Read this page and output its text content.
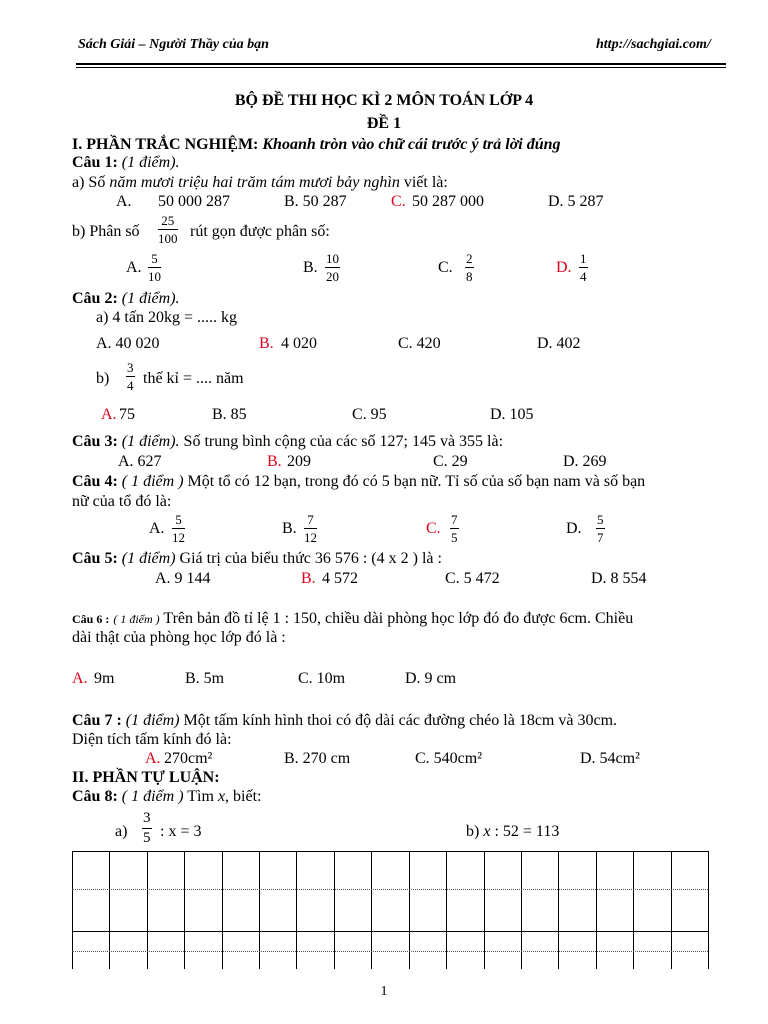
Sách Giải – Người Thầy của bạn	http://sachgiai.com/
BỘ ĐỀ THI HỌC KÌ 2 MÔN TOÁN LỚP 4
ĐỀ 1
I. PHẦN TRẮC NGHIỆM: Khoanh tròn vào chữ cái trước ý trả lời đúng
Câu 1: (1 điểm).
a) Số năm mươi triệu hai trăm tám mươi bảy nghìn viết là:
A. 50 000 287	B. 50 287	C. 50 287 000	D. 5 287
b) Phân số $\frac{25}{100}$ rút gọn được phân số:
A. $\frac{5}{10}$	B. $\frac{10}{20}$	C. $\frac{2}{8}$	D. $\frac{1}{4}$
Câu 2: (1 điểm).
a) 4 tấn 20kg = ..... kg
A. 40 020	B. 4 020	C. 420	D. 402
$b) \frac{3}{4}$ thế kỉ = .... năm
A. 75	B. 85	C. 95	D. 105
Câu 3: (1 điểm). Số trung bình cộng của các số 127; 145 và 355 là:
A. 627	B. 209	C. 29	D. 269
Câu 4: ( 1 điểm ) Một tổ có 12 bạn, trong đó có 5 bạn nữ. Tỉ số của số bạn nam và số bạn
nữ của tổ đó là:
A. $\frac{5}{12}$	B. $\frac{7}{12}$	C. $\frac{7}{5}$	D. $\frac{5}{7}$
Câu 5: (1 điểm) Giá trị của biểu thức 36 576 : (4 x 2 ) là :
A. 9 144	B. 4 572	C. 5 472	D. 8 554
Câu 6 : ( 1 điểm ) Trên bản đồ tỉ lệ 1 : 150, chiều dài phòng học lớp đó đo được 6cm. Chiều
dài thật của phòng học lớp đó là :
A. 9m	B. 5m	C. 10m	D. 9 cm
Câu 7 : (1 điểm) Một tấm kính hình thoi có độ dài các đường chéo là 18cm và 30cm.
Diện tích tấm kính đó là:
A. 270cm²	B. 270 cm	C. 540cm²	D. 54cm²
II. PHẦN TỰ LUẬN:
Câu 8: ( 1 điểm ) Tìm x, biết:
$a) \frac{3}{5}$ : x = 3	b) x : 52 = 113
1
